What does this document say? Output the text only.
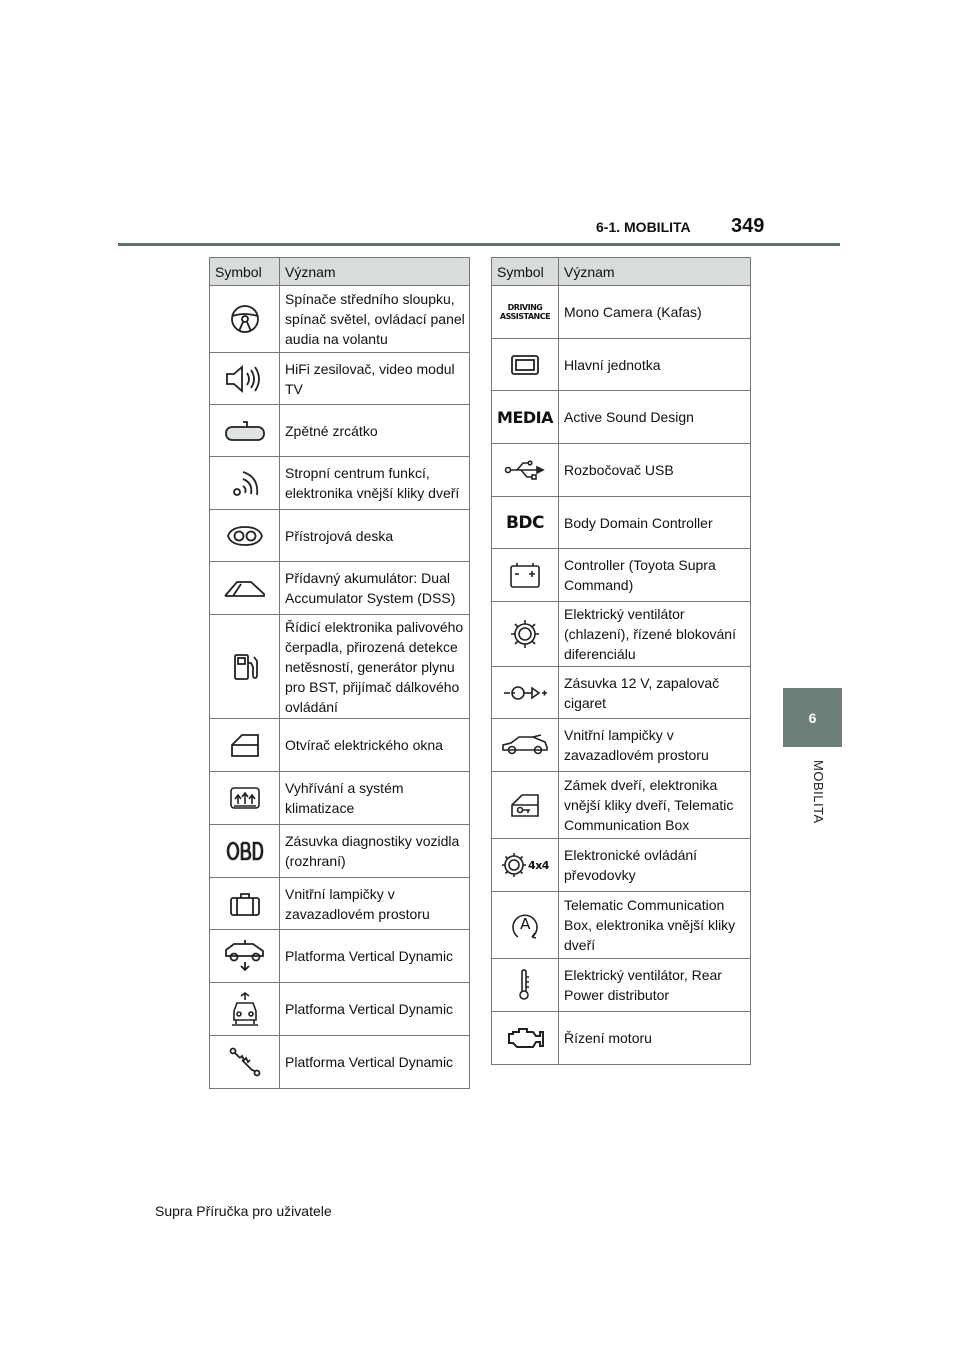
6-1. MOBILITA 349
6
MOBILITA
Symbol	Význam

	Spínače středního sloupku, spínač světel, ovládací panel audia na volantu

	HiFi zesilovač, video modul TV

	Zpětné zrcátko

	Stropní centrum funkcí, elektronika vnější kliky dveří

	Přístrojová deska

	Přídavný akumulátor: Dual Accumulator System (DSS)

	Řídicí elektronika palivového čerpadla, přirozená detekce netěsností, generátor plynu pro BST, přijímač dálkového ovládání

	Otvírač elektrického okna

	Vyhřívání a systém klimatizace

	Zásuvka diagnostiky vozidla (rozhraní)

	Vnitřní lampičky v zavazadlovém prostoru

	Platforma Vertical Dynamic

	Platforma Vertical Dynamic

	Platforma Vertical Dynamic
Symbol	Význam
DRIVING
ASSISTANCE	Mono Camera (Kafas)

	Hlavní jednotka
MEDIA	Active Sound Design

	Rozbočovač USB
BDC	Body Domain Controller

	Controller (Toyota Supra Command)

	Elektrický ventilátor (chlazení), řízené blokování diferenciálu

	Zásuvka 12 V, zapalovač cigaret

	Vnitřní lampičky v zavazadlovém prostoru

	Zámek dveří, elektronika vnější kliky dveří, Telematic Communication Box

4x4	Elektronické ovládání převodovky

A	Telematic Communication Box, elektronika vnější kliky dveří

	Elektrický ventilátor, Rear Power distributor

	Řízení motoru
Supra Příručka pro uživatele
